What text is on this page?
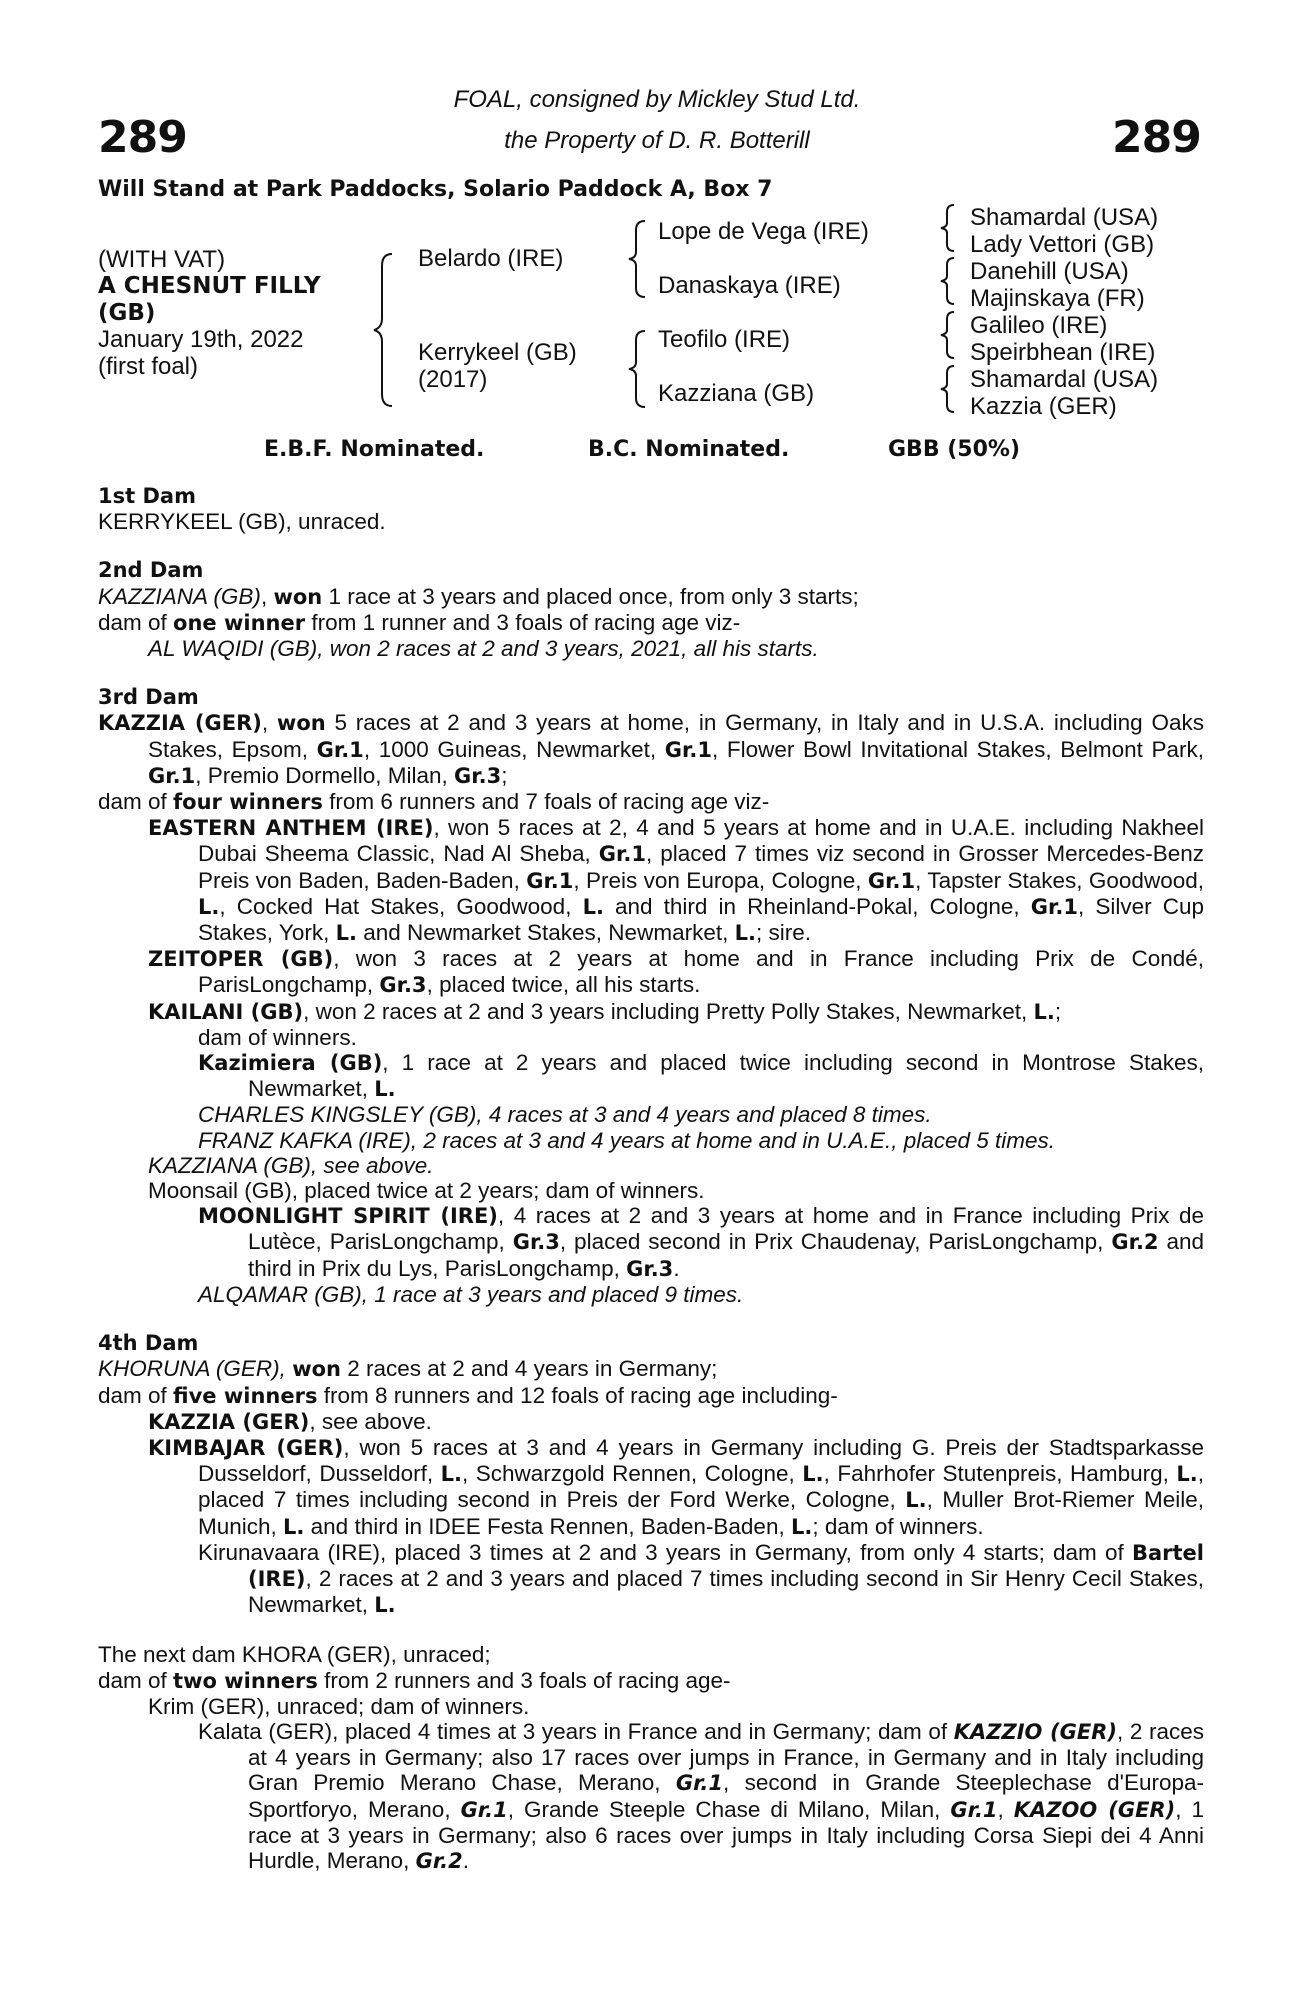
289	289
FOAL, consigned by Mickley Stud Ltd.
the Property of D. R. Botterill
Will Stand at Park Paddocks, Solario Paddock A, Box 7
(WITH VAT)
A CHESNUT FILLY
(GB)
January 19th, 2022
(first foal)
Belardo (IRE)
Kerrykeel (GB)
(2017)
Lope de Vega (IRE)
Danaskaya (IRE)
Teofilo (IRE)
Kazziana (GB)
Shamardal (USA)
Lady Vettori (GB)
Danehill (USA)
Majinskaya (FR)
Galileo (IRE)
Speirbhean (IRE)
Shamardal (USA)
Kazzia (GER)
E.B.F. Nominated.	B.C. Nominated.	GBB (50%)
1st Dam
KERRYKEEL (GB), unraced.
2nd Dam
KAZZIANA (GB), won 1 race at 3 years and placed once, from only 3 starts;
dam of one winner from 1 runner and 3 foals of racing age viz-
AL WAQIDI (GB), won 2 races at 2 and 3 years, 2021, all his starts.
3rd Dam
KAZZIA (GER), won 5 races at 2 and 3 years at home, in Germany, in Italy and in U.S.A. including Oaks Stakes, Epsom, Gr.1, 1000 Guineas, Newmarket, Gr.1, Flower Bowl Invitational Stakes, Belmont Park, Gr.1, Premio Dormello, Milan, Gr.3;
dam of four winners from 6 runners and 7 foals of racing age viz-
EASTERN ANTHEM (IRE), won 5 races at 2, 4 and 5 years at home and in U.A.E. including Nakheel Dubai Sheema Classic, Nad Al Sheba, Gr.1, placed 7 times viz second in Grosser Mercedes-Benz Preis von Baden, Baden-Baden, Gr.1, Preis von Europa, Cologne, Gr.1, Tapster Stakes, Goodwood, L., Cocked Hat Stakes, Goodwood, L. and third in Rheinland-Pokal, Cologne, Gr.1, Silver Cup Stakes, York, L. and Newmarket Stakes, Newmarket, L.; sire.
ZEITOPER (GB), won 3 races at 2 years at home and in France including Prix de Condé, ParisLongchamp, Gr.3, placed twice, all his starts.
KAILANI (GB), won 2 races at 2 and 3 years including Pretty Polly Stakes, Newmarket, L.;
dam of winners.
Kazimiera (GB), 1 race at 2 years and placed twice including second in Montrose Stakes, Newmarket, L.
CHARLES KINGSLEY (GB), 4 races at 3 and 4 years and placed 8 times.
FRANZ KAFKA (IRE), 2 races at 3 and 4 years at home and in U.A.E., placed 5 times.
KAZZIANA (GB), see above.
Moonsail (GB), placed twice at 2 years; dam of winners.
MOONLIGHT SPIRIT (IRE), 4 races at 2 and 3 years at home and in France including Prix de Lutèce, ParisLongchamp, Gr.3, placed second in Prix Chaudenay, ParisLongchamp, Gr.2 and third in Prix du Lys, ParisLongchamp, Gr.3.
ALQAMAR (GB), 1 race at 3 years and placed 9 times.
4th Dam
KHORUNA (GER), won 2 races at 2 and 4 years in Germany;
dam of five winners from 8 runners and 12 foals of racing age including-
KAZZIA (GER), see above.
KIMBAJAR (GER), won 5 races at 3 and 4 years in Germany including G. Preis der Stadtsparkasse Dusseldorf, Dusseldorf, L., Schwarzgold Rennen, Cologne, L., Fahrhofer Stutenpreis, Hamburg, L., placed 7 times including second in Preis der Ford Werke, Cologne, L., Muller Brot-Riemer Meile, Munich, L. and third in IDEE Festa Rennen, Baden-Baden, L.; dam of winners.
Kirunavaara (IRE), placed 3 times at 2 and 3 years in Germany, from only 4 starts; dam of Bartel (IRE), 2 races at 2 and 3 years and placed 7 times including second in Sir Henry Cecil Stakes, Newmarket, L.
The next dam KHORA (GER), unraced;
dam of two winners from 2 runners and 3 foals of racing age-
Krim (GER), unraced; dam of winners.
Kalata (GER), placed 4 times at 3 years in France and in Germany; dam of KAZZIO (GER), 2 races at 4 years in Germany; also 17 races over jumps in France, in Germany and in Italy including Gran Premio Merano Chase, Merano, Gr.1, second in Grande Steeplechase d'Europa-Sportforyo, Merano, Gr.1, Grande Steeple Chase di Milano, Milan, Gr.1, KAZOO (GER), 1 race at 3 years in Germany; also 6 races over jumps in Italy including Corsa Siepi dei 4 Anni Hurdle, Merano, Gr.2.
